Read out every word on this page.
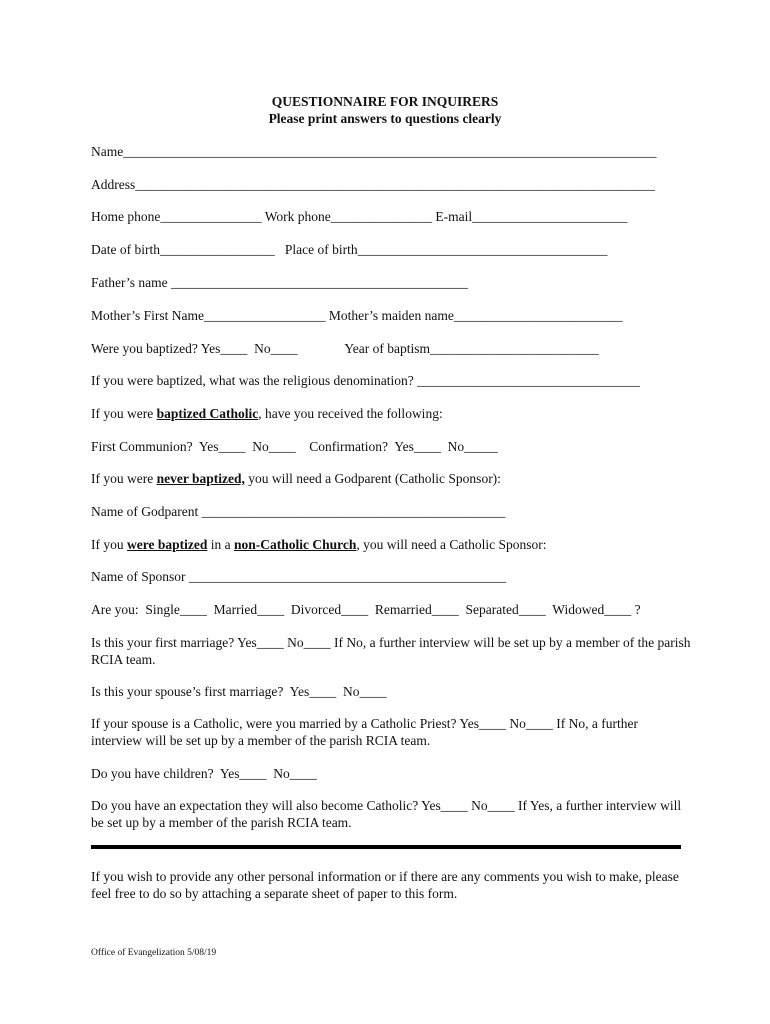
QUESTIONNAIRE FOR INQUIRERS
Please print answers to questions clearly
Name_______________________________________________________________________________
Address_____________________________________________________________________________
Home phone_______________ Work phone_______________ E-mail_______________________
Date of birth_________________   Place of birth_____________________________________
Father’s name ____________________________________________
Mother’s First Name__________________ Mother’s maiden name_________________________
Were you baptized? Yes____  No____              Year of baptism_________________________
If you were baptized, what was the religious denomination? _________________________________
If you were baptized Catholic, have you received the following:
First Communion?  Yes____  No____    Confirmation?  Yes____  No_____
If you were never baptized, you will need a Godparent (Catholic Sponsor):
Name of Godparent _____________________________________________
If you were baptized in a non-Catholic Church, you will need a Catholic Sponsor:
Name of Sponsor _______________________________________________
Are you:  Single____  Married____  Divorced____  Remarried____  Separated____  Widowed____ ?
Is this your first marriage? Yes____ No____ If No, a further interview will be set up by a member of the parish RCIA team.
Is this your spouse’s first marriage?  Yes____  No____
If your spouse is a Catholic, were you married by a Catholic Priest? Yes____ No____ If No, a further interview will be set up by a member of the parish RCIA team.
Do you have children?  Yes____  No____
Do you have an expectation they will also become Catholic? Yes____ No____ If Yes, a further interview will be set up by a member of the parish RCIA team.
If you wish to provide any other personal information or if there are any comments you wish to make, please feel free to do so by attaching a separate sheet of paper to this form.
Office of Evangelization 5/08/19
